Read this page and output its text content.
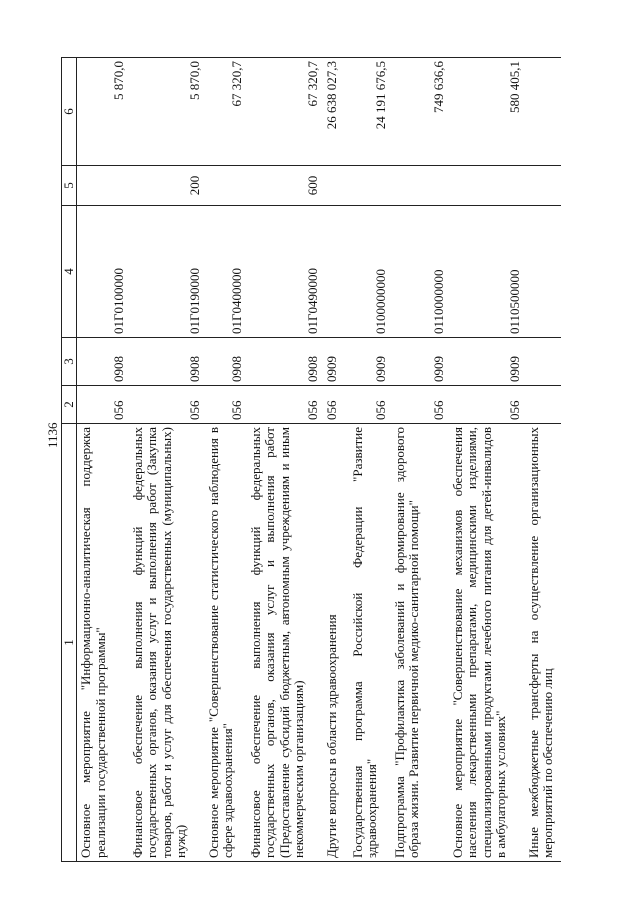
1136
1	2	3	4	5	6
Основное мероприятие "Информационно-аналитическая поддержка реализации государственной программы"	056	0908	01Г0100000		5 870,0
Финансовое обеспечение выполнения функций федеральных государственных органов, оказания услуг и выполнения работ (Закупка товаров, работ и услуг для обеспечения государственных (муниципальных) нужд)	056	0908	01Г0190000	200	5 870,0
Основное мероприятие "Совершенствование статистического наблюдения в сфере здравоохранения"	056	0908	01Г0400000		67 320,7
Финансовое обеспечение выполнения функций федеральных государственных органов, оказания услуг и выполнения работ (Предоставление субсидий бюджетным, автономным учреждениям и иным некоммерческим организациям)	056	0908	01Г0490000	600	67 320,7
Другие вопросы в области здравоохранения	056	0909			26 638 027,3
Государственная программа Российской Федерации "Развитие здравоохранения"	056	0909	0100000000		24 191 676,5
Подпрограмма "Профилактика заболеваний и формирование здорового образа жизни. Развитие первичной медико-санитарной помощи"	056	0909	0110000000		749 636,6
Основное мероприятие "Совершенствование механизмов обеспечения населения лекарственными препаратами, медицинскими изделиями, специализированными продуктами лечебного питания для детей-инвалидов в амбулаторных условиях"	056	0909	0110500000		580 405,1
Иные межбюджетные трансферты на осуществление организационных мероприятий по обеспечению лиц					
